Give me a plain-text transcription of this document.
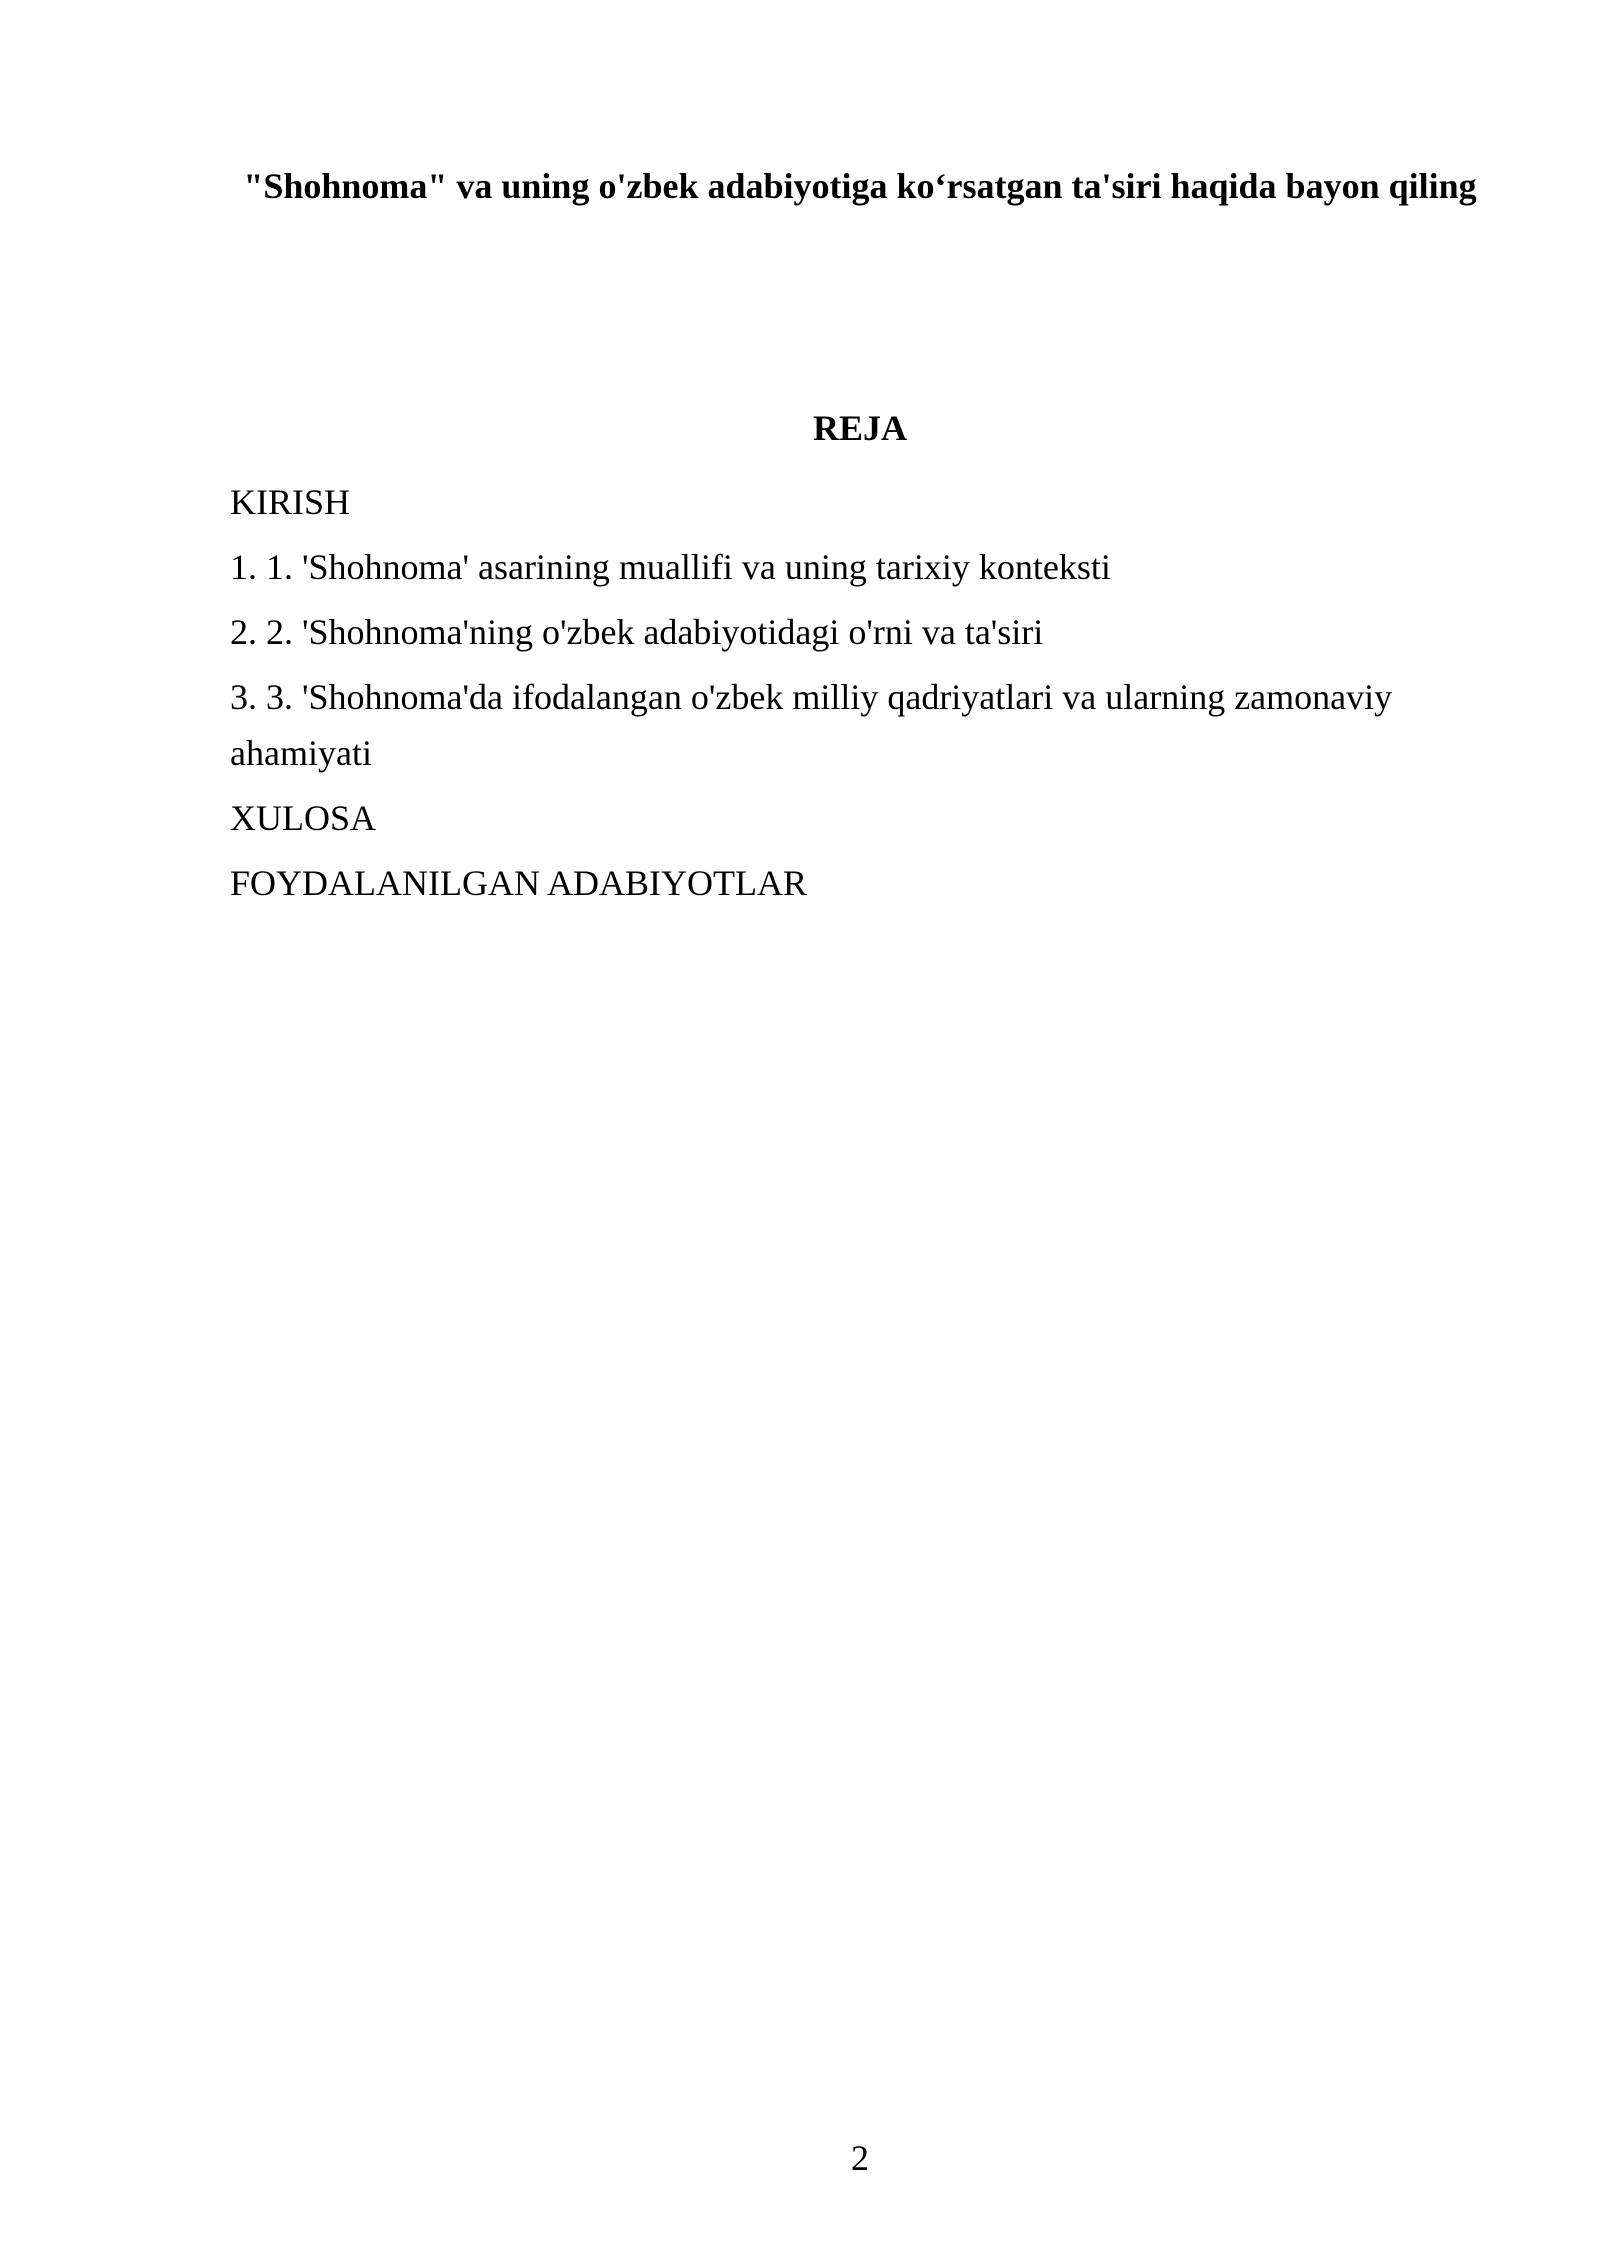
"Shohnoma" va uning o'zbek adabiyotiga koʻrsatgan ta'siri haqida bayon qiling
REJA
KIRISH
1. 1. 'Shohnoma' asarining muallifi va uning tarixiy konteksti
2. 2. 'Shohnoma'ning o'zbek adabiyotidagi o'rni va ta'siri
3. 3. 'Shohnoma'da ifodalangan o'zbek milliy qadriyatlari va ularning zamonaviy ahamiyati
XULOSA
FOYDALANILGAN ADABIYOTLAR
2
